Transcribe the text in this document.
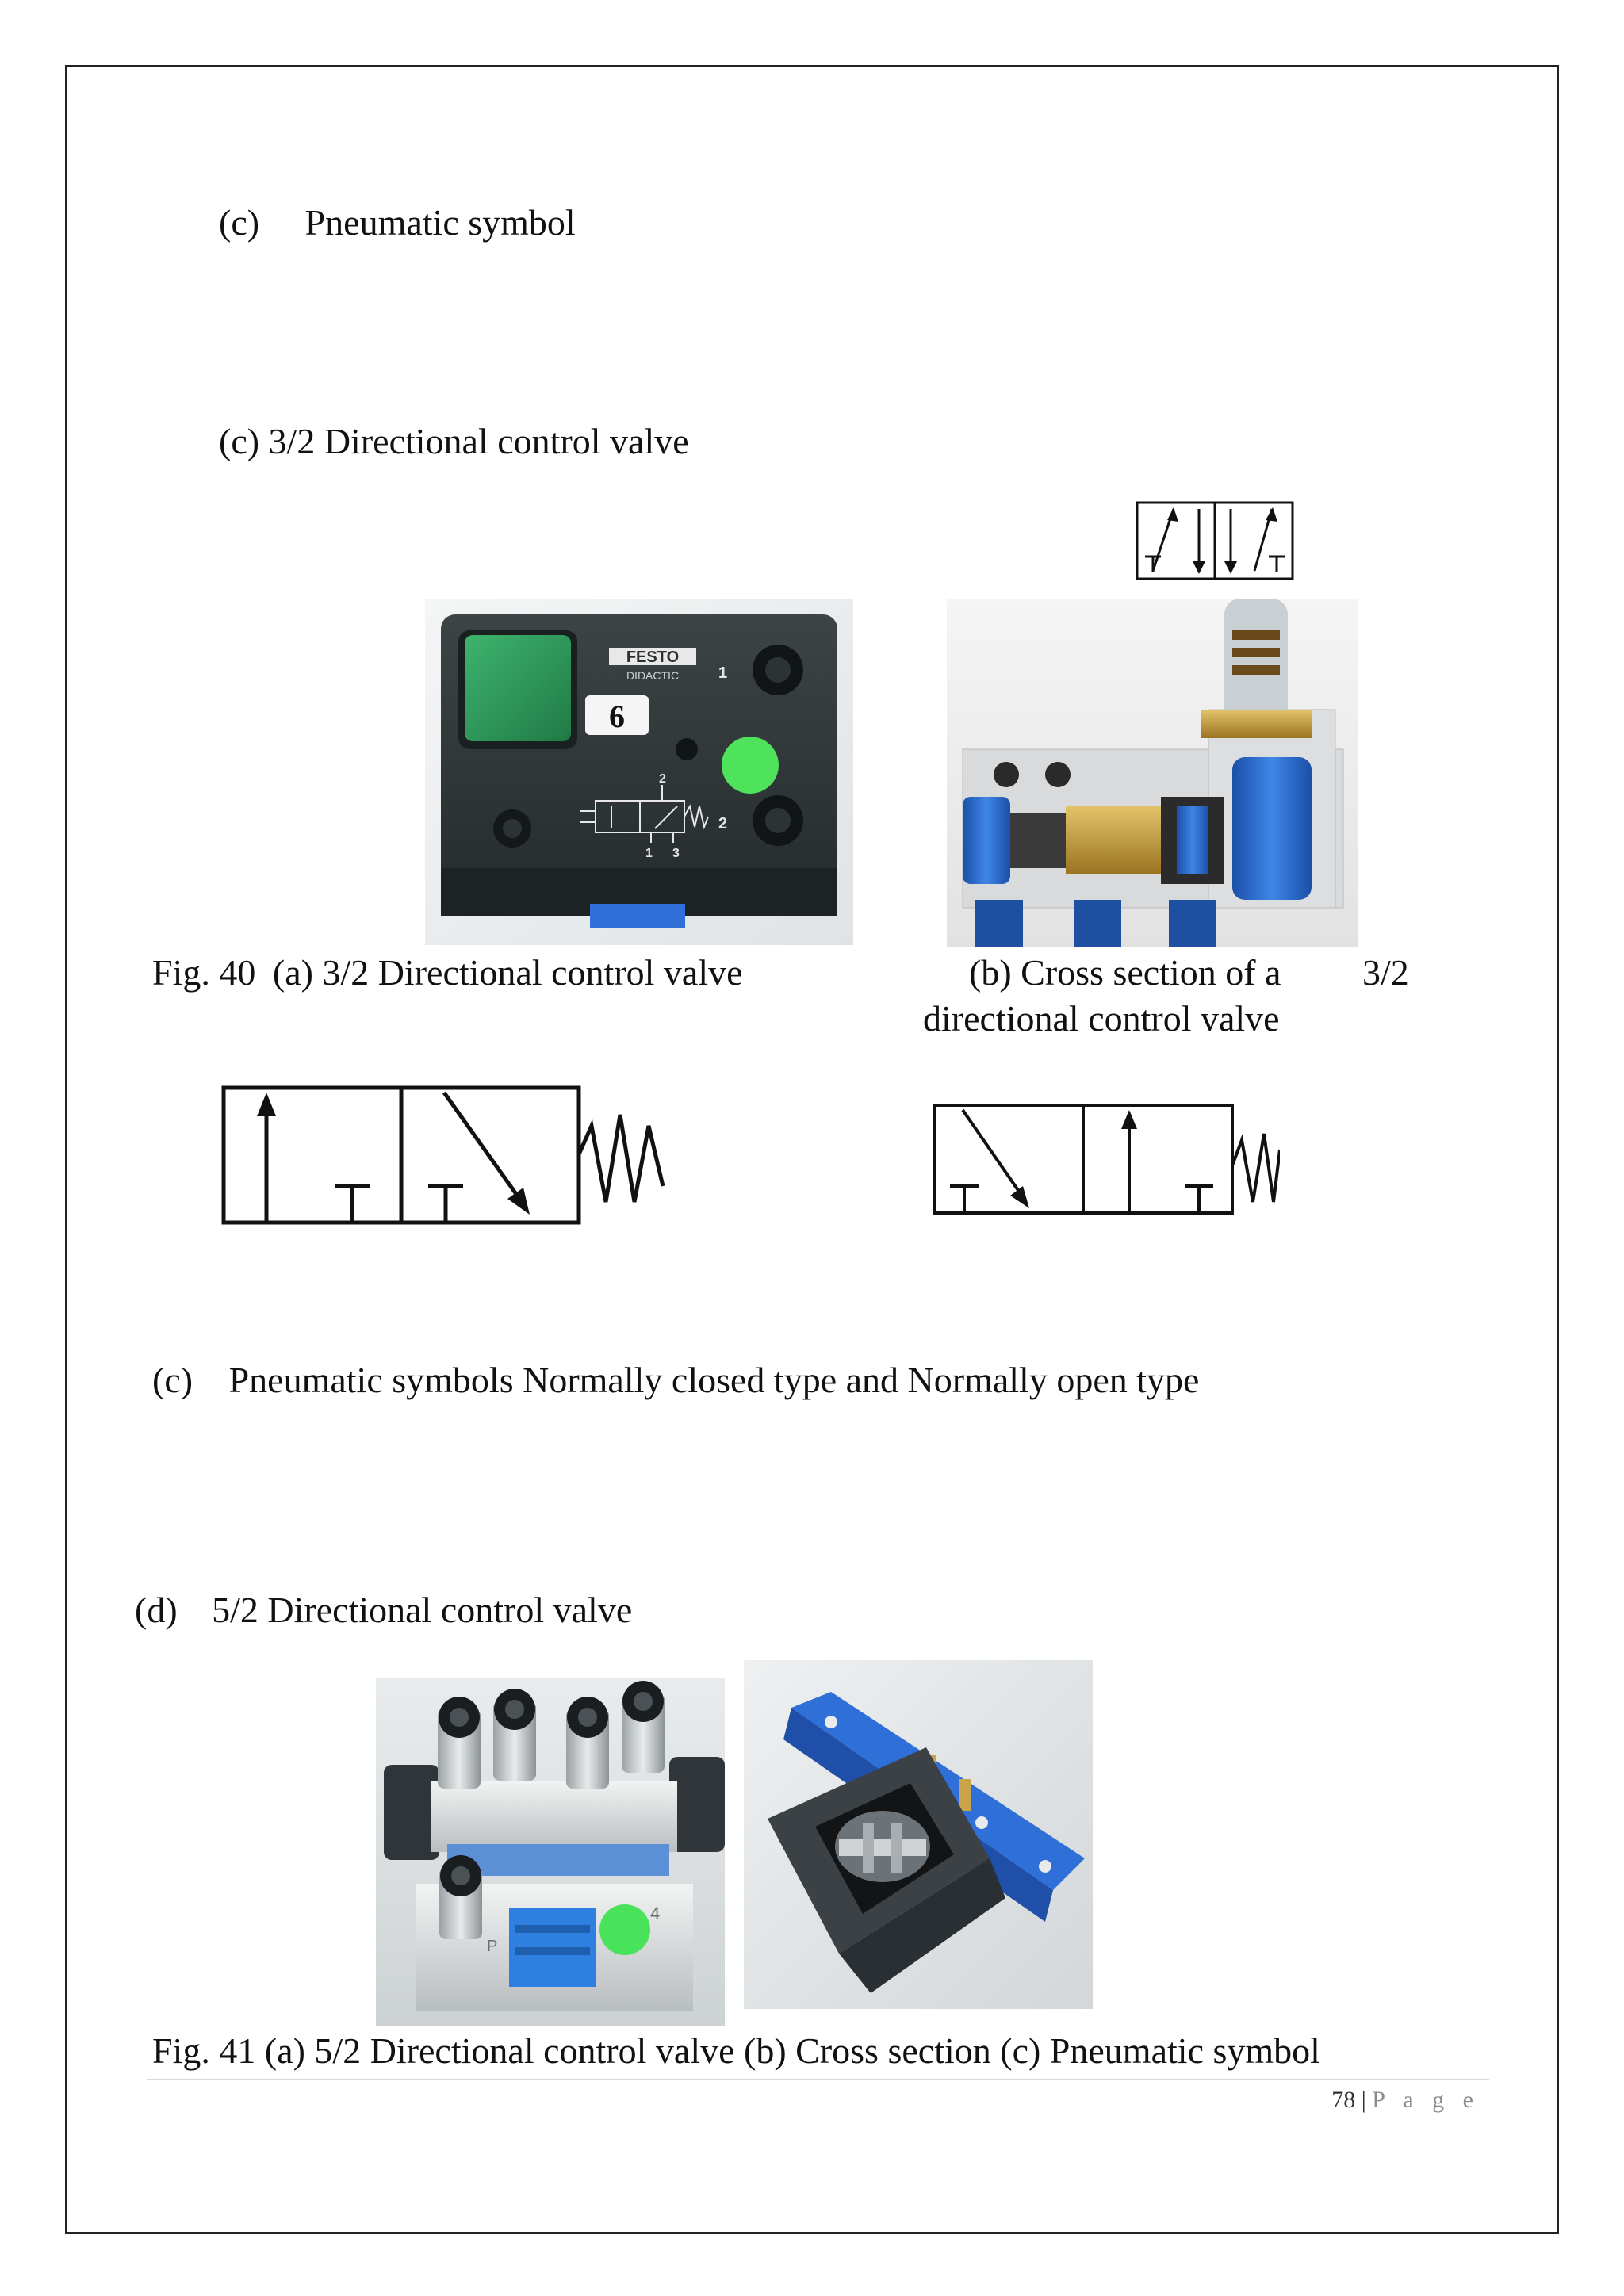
(c) Pneumatic symbol
(c) 3/2 Directional control valve
FESTO
DIDACTIC
6
1
2
1 3
2
Fig. 40 (a) 3/2 Directional control valve	(b) Cross section of a 3/2
directional control valve
(c) Pneumatic symbols Normally closed type and Normally open type
(d) 5/2 Directional control valve
P
4
Fig. 41 (a) 5/2 Directional control valve (b) Cross section (c) Pneumatic symbol
78 | P a g e
